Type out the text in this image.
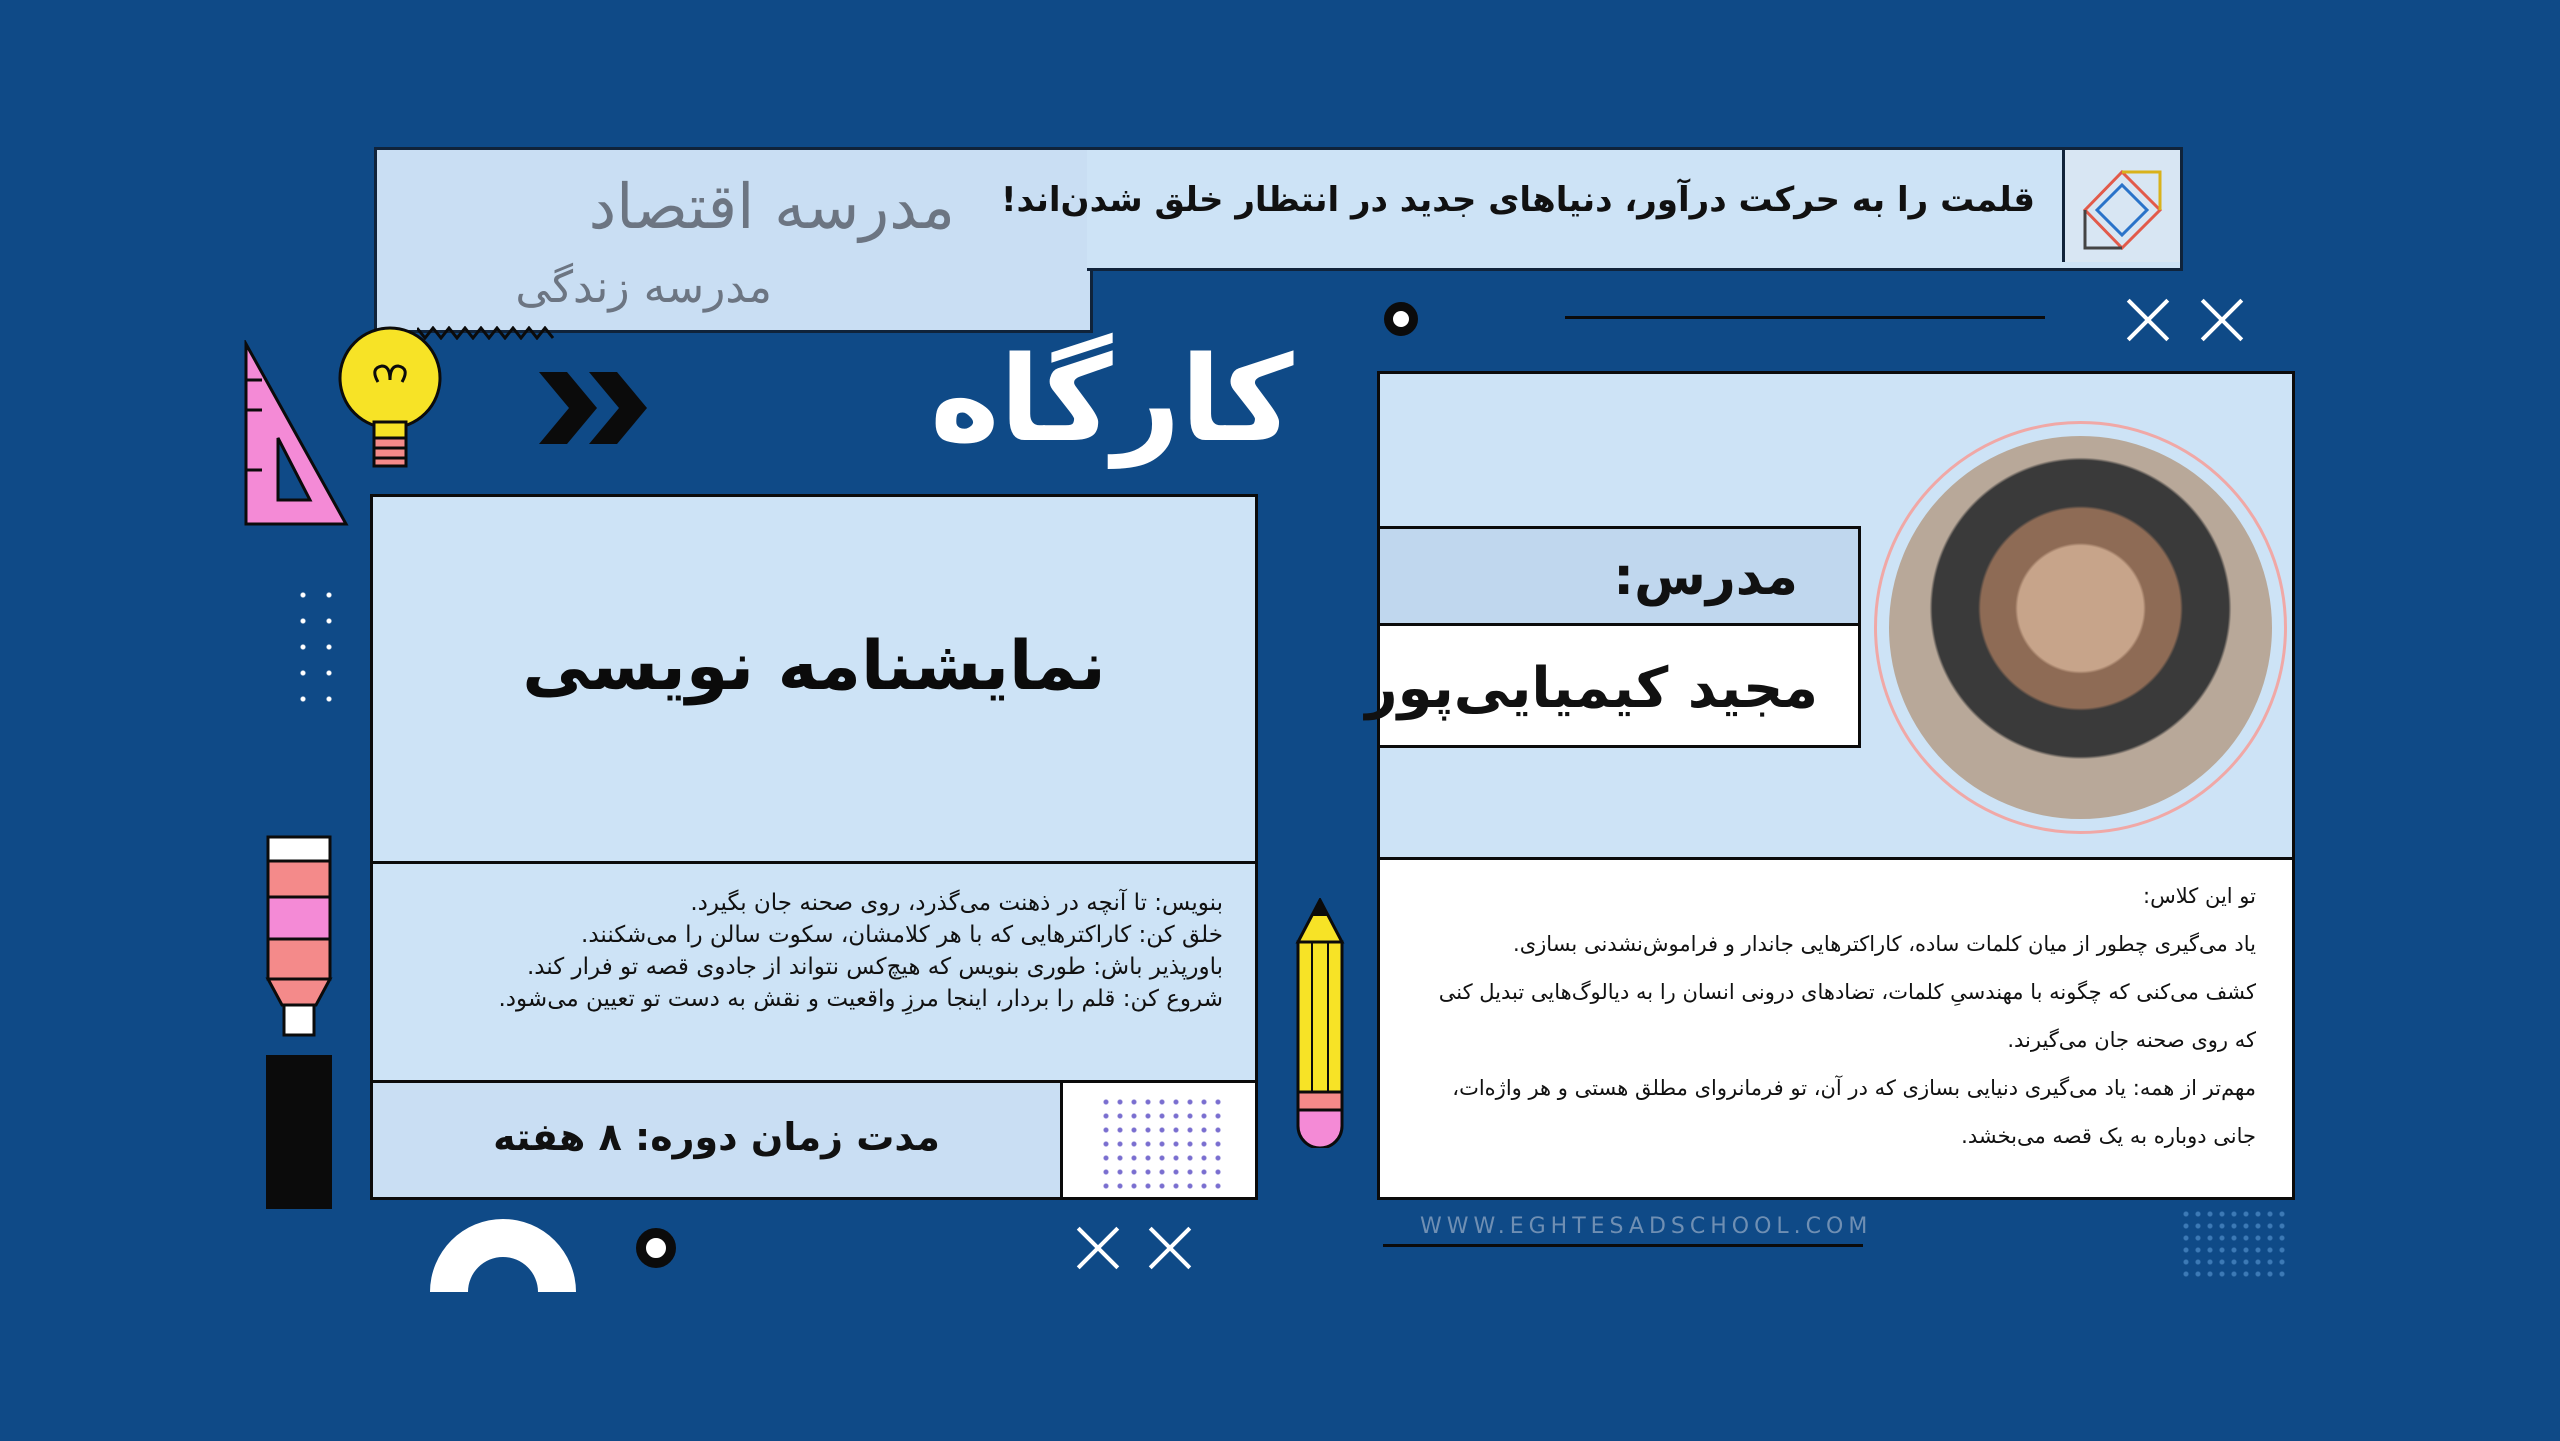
مدرسه اقتصاد
مدرسه زندگی
قلمت را به حرکت درآور، دنیاهای جدید در انتظار خلق شدن‌اند!
کارگاه
نمایشنامه نویسی
بنویس: تا آنچه در ذهنت می‌گذرد، روی صحنه جان بگیرد.
خلق کن: کاراکترهایی که با هر کلامشان، سکوت سالن را می‌شکنند.
باورپذیر باش: طوری بنویس که هیچ‌کس نتواند از جادوی قصه تو فرار کند.
شروع کن: قلم را بردار، اینجا مرزِ واقعیت و نقش به دست تو تعیین می‌شود.
مدت زمان دوره: ۸ هفته
مدرس:
مجید کیمیایی‌پور
تو این کلاس:
یاد می‌گیری چطور از میان کلمات ساده، کاراکترهایی جاندار و فراموش‌نشدنی بسازی.
کشف می‌کنی که چگونه با مهندسیِ کلمات، تضادهای درونی انسان را به دیالوگ‌هایی تبدیل کنی
که روی صحنه جان می‌گیرند.
مهم‌تر از همه: یاد می‌گیری دنیایی بسازی که در آن، تو فرمانروای مطلق هستی و هر واژه‌ات،
جانی دوباره به یک قصه می‌بخشد.
WWW.EGHTESADSCHOOL.COM
